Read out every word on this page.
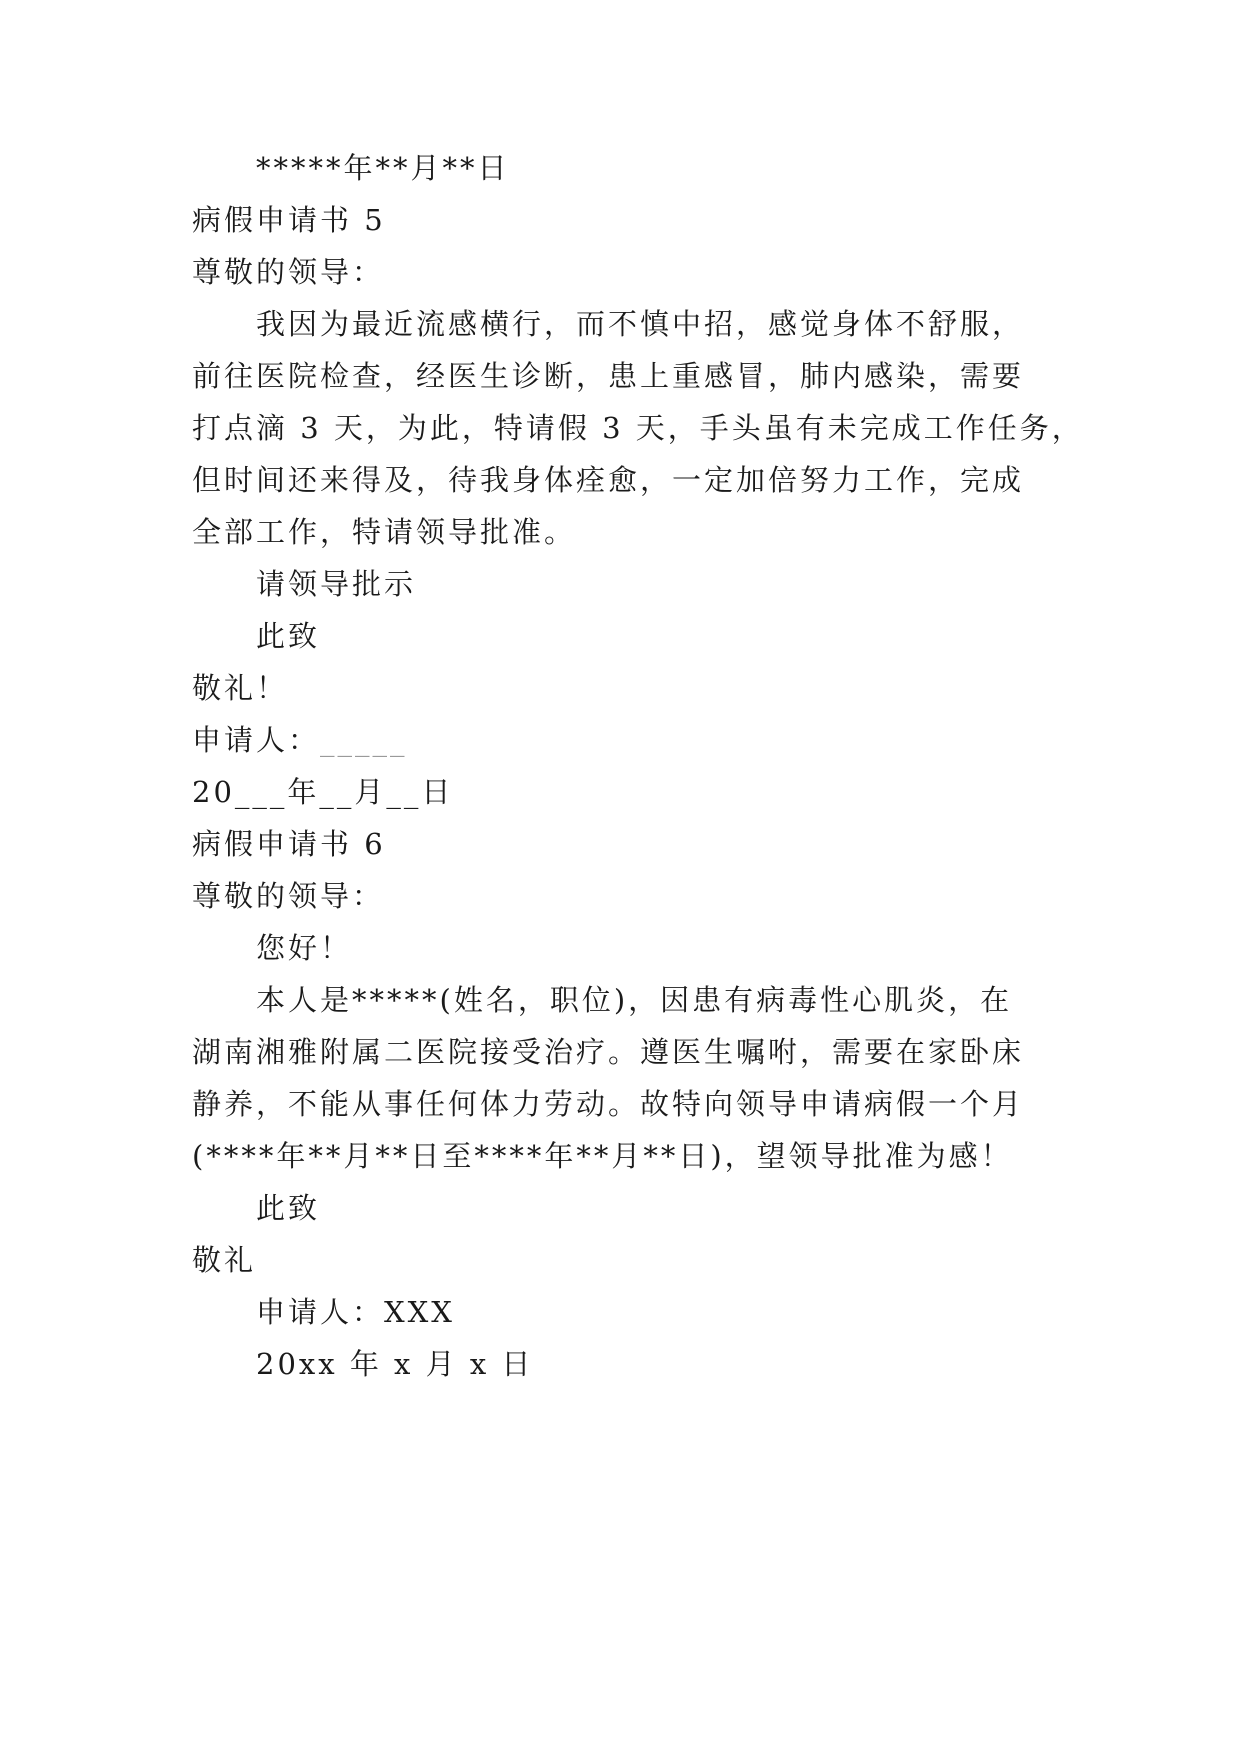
*****年**月**日
病假申请书 5
尊敬的领导：
我因为最近流感横行，而不慎中招，感觉身体不舒服，
前往医院检查，经医生诊断，患上重感冒，肺内感染，需要
打点滴 3 天，为此，特请假 3 天，手头虽有未完成工作任务，
但时间还来得及，待我身体痊愈，一定加倍努力工作，完成
全部工作，特请领导批准。
请领导批示
此致
敬礼！
申请人：_____
20___年__月__日
病假申请书 6
尊敬的领导：
您好！
本人是*****(姓名，职位)，因患有病毒性心肌炎，在
湖南湘雅附属二医院接受治疗。遵医生嘱咐，需要在家卧床
静养，不能从事任何体力劳动。故特向领导申请病假一个月
(****年**月**日至****年**月**日)，望领导批准为感！
此致
敬礼
申请人：XXX
20xx 年 x 月 x 日
